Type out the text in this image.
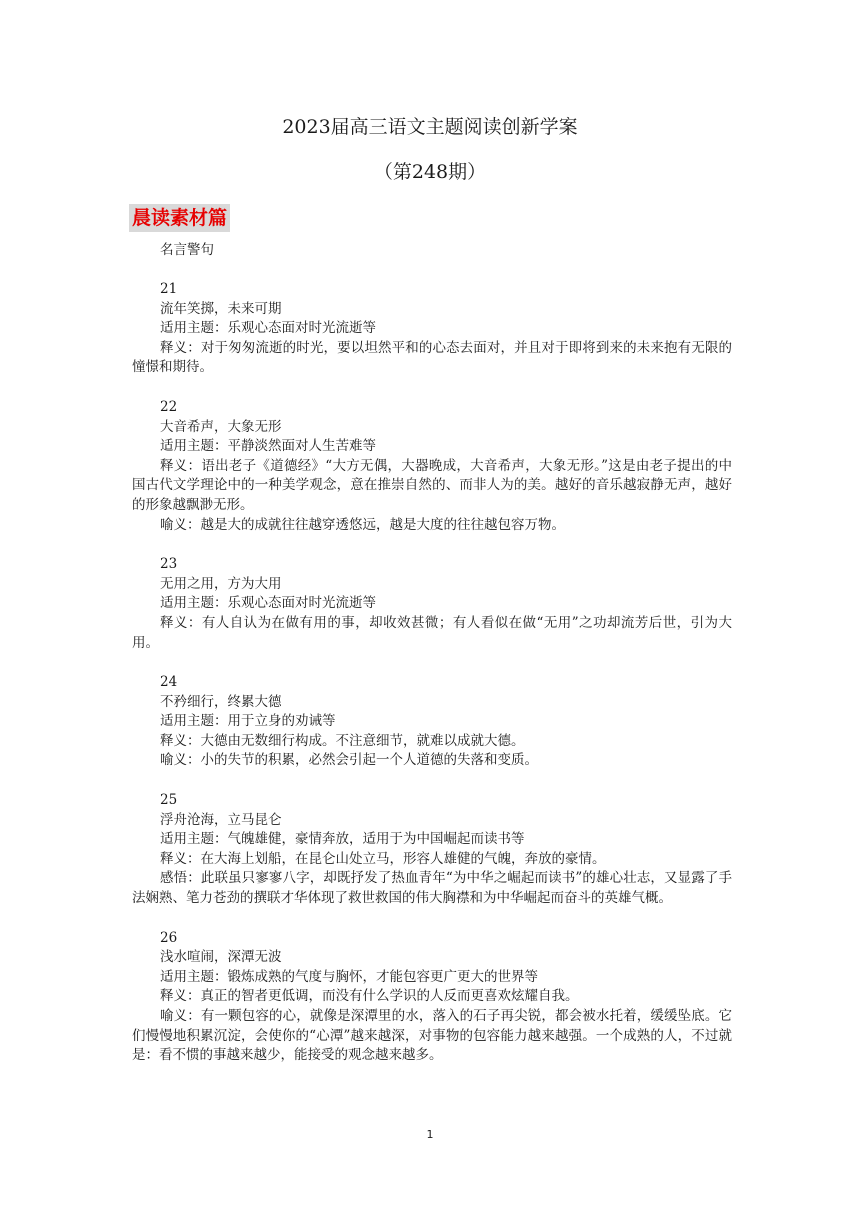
2023届高三语文主题阅读创新学案
（第248期）
晨读素材篇
名言警句
21
流年笑掷，未来可期
适用主题：乐观心态面对时光流逝等
释义：对于匆匆流逝的时光，要以坦然平和的心态去面对，并且对于即将到来的未来抱有无限的憧憬和期待。
22
大音希声，大象无形
适用主题：平静淡然面对人生苦难等
释义：语出老子《道德经》“大方无偶，大器晚成，大音希声，大象无形。”这是由老子提出的中国古代文学理论中的一种美学观念，意在推崇自然的、而非人为的美。越好的音乐越寂静无声，越好的形象越飘渺无形。
喻义：越是大的成就往往越穿透悠远，越是大度的往往越包容万物。
23
无用之用，方为大用
适用主题：乐观心态面对时光流逝等
释义：有人自认为在做有用的事，却收效甚微；有人看似在做“无用”之功却流芳后世，引为大用。
24
不矜细行，终累大德
适用主题：用于立身的劝诫等
释义：大德由无数细行构成。不注意细节，就难以成就大德。
喻义：小的失节的积累，必然会引起一个人道德的失落和变质。
25
浮舟沧海，立马昆仑
适用主题：气魄雄健，豪情奔放，适用于为中国崛起而读书等
释义：在大海上划船，在昆仑山处立马，形容人雄健的气魄，奔放的豪情。
感悟：此联虽只寥寥八字，却既抒发了热血青年“为中华之崛起而读书”的雄心壮志，又显露了手法娴熟、笔力苍劲的撰联才华体现了救世救国的伟大胸襟和为中华崛起而奋斗的英雄气概。
26
浅水喧闹，深潭无波
适用主题：锻炼成熟的气度与胸怀，才能包容更广更大的世界等
释义：真正的智者更低调，而没有什么学识的人反而更喜欢炫耀自我。
喻义：有一颗包容的心，就像是深潭里的水，落入的石子再尖锐，都会被水托着，缓缓坠底。它们慢慢地积累沉淀，会使你的“心潭”越来越深，对事物的包容能力越来越强。一个成熟的人，不过就是：看不惯的事越来越少，能接受的观念越来越多。
1
